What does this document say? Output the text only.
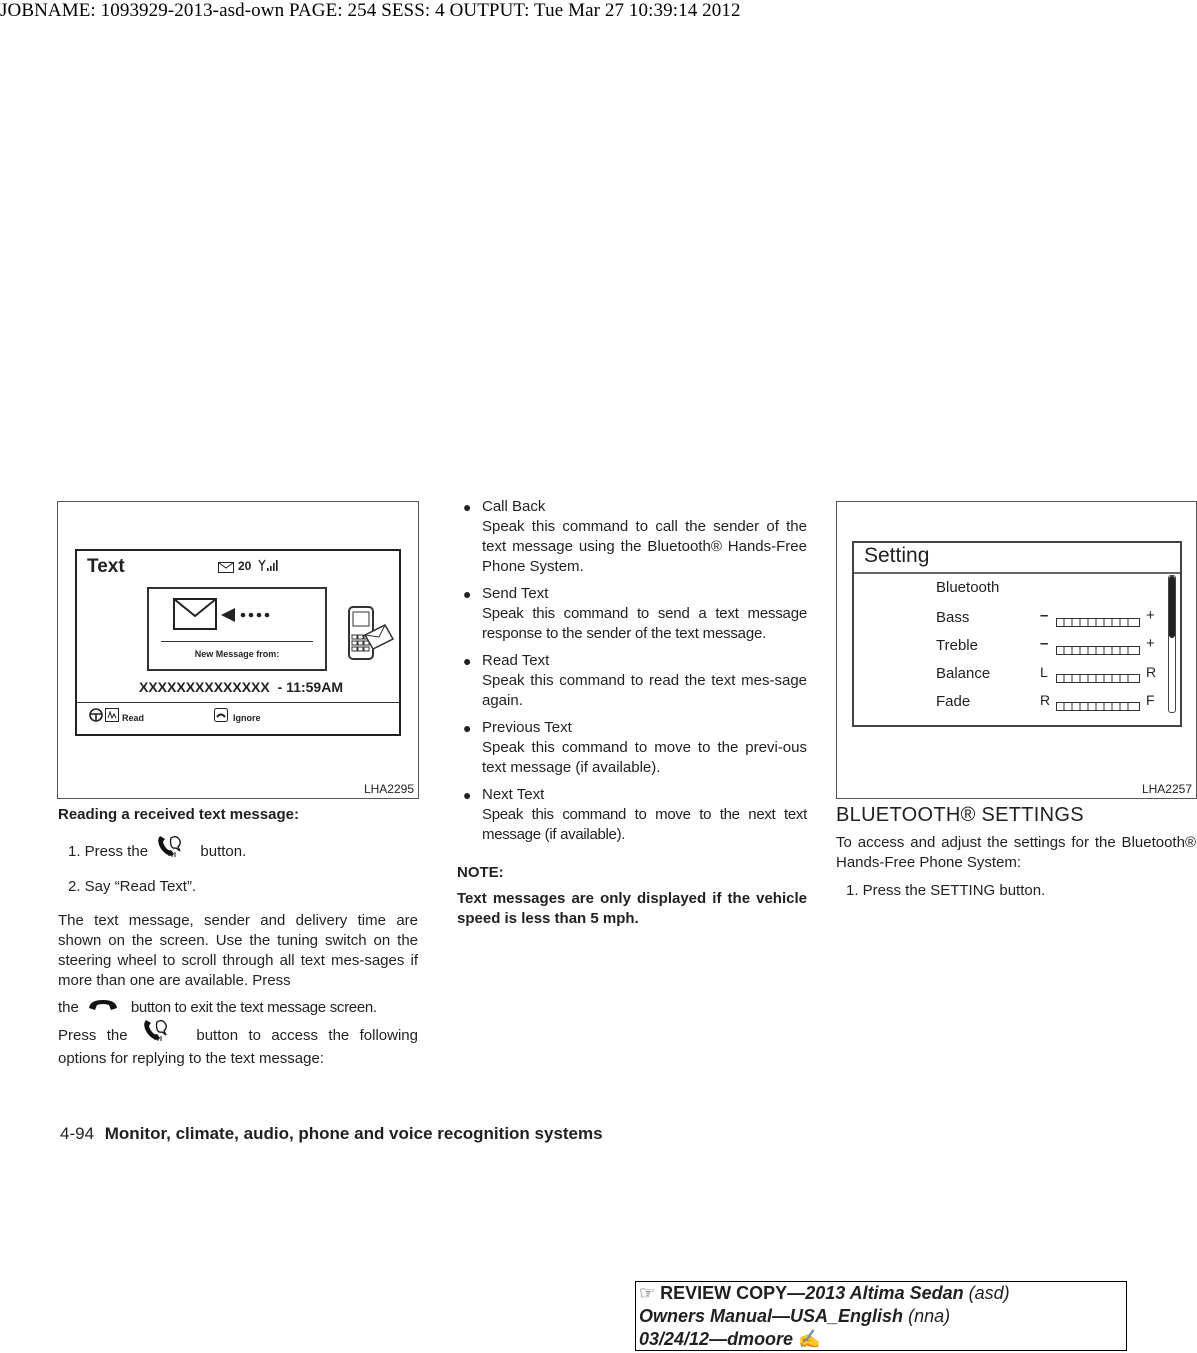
JOBNAME: 1093929-2013-asd-own PAGE: 254 SESS: 4 OUTPUT: Tue Mar 27 10:39:14 2012
Text	20
New Message from:
XXXXXXXXXXXXXX - 11:59AM
Read	Ignore
LHA2295
Setting
Bluetooth
Bass	–	+
Treble	–	+
Balance	L	R
Fade	R	F
LHA2257
Reading a received text message:
1. Press the	button.
2. Say “Read Text”.
The text message, sender and delivery time are shown on the screen. Use the tuning switch on the steering wheel to scroll through all text mes-sages if more than one are available. Press
the	button to exit the text message screen.
Press the	button to access the following options for replying to the text message:
● Call Back
Speak this command to call the sender of the text message using the Bluetooth® Hands-Free Phone System.
● Send Text
Speak this command to send a text message response to the sender of the text message.
● Read Text
Speak this command to read the text mes-sage again.
● Previous Text
Speak this command to move to the previ-ous text message (if available).
● Next Text
Speak this command to move to the next text message (if available).
NOTE:
Text messages are only displayed if the vehicle speed is less than 5 mph.
BLUETOOTH® SETTINGS
To access and adjust the settings for the Bluetooth® Hands-Free Phone System:
1. Press the SETTING button.
4-94 Monitor, climate, audio, phone and voice recognition systems
☞ REVIEW COPY—2013 Altima Sedan (asd)
Owners Manual—USA_English (nna)
03/24/12—dmoore ✍
